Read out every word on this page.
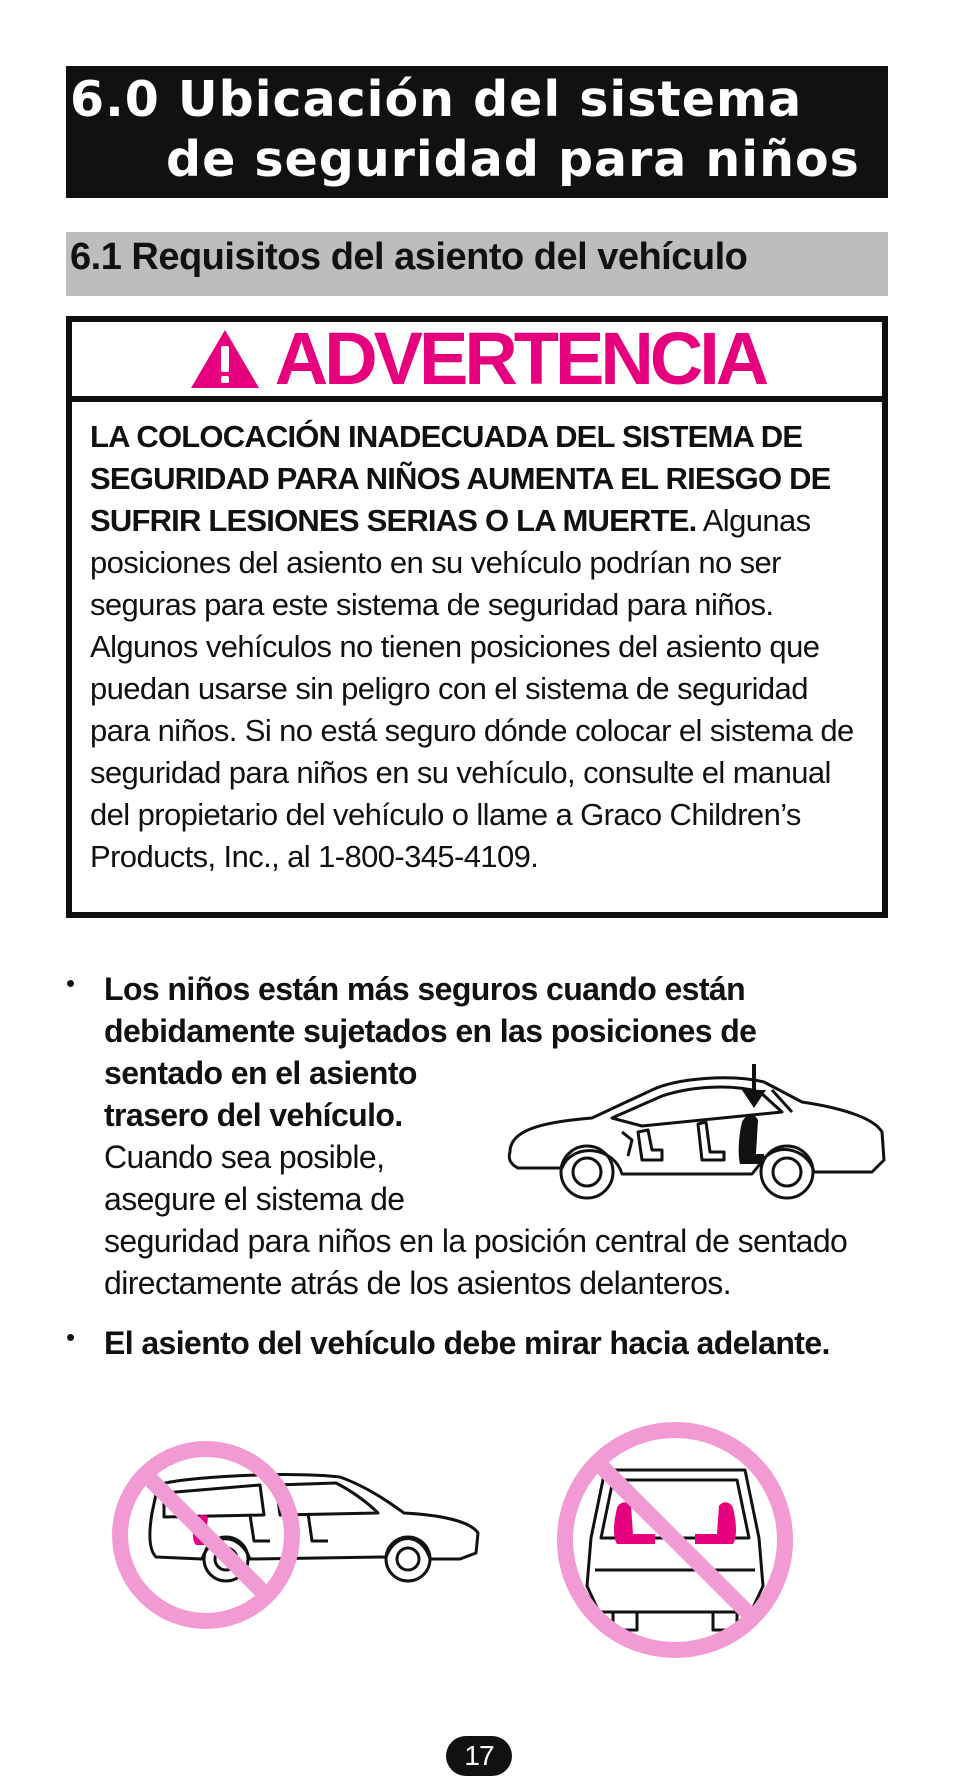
6.0 Ubicación del sistema
de seguridad para niños
6.1 Requisitos del asiento del vehículo
ADVERTENCIA
LA COLOCACIÓN INADECUADA DEL SISTEMA DE SEGURIDAD PARA NIÑOS AUMENTA EL RIESGO DE SUFRIR LESIONES SERIAS O LA MUERTE. Algunas posiciones del asiento en su vehículo podrían no ser seguras para este sistema de seguridad para niños. Algunos vehículos no tienen posiciones del asiento que puedan usarse sin peligro con el sistema de seguridad para niños. Si no está seguro dónde colocar el sistema de seguridad para niños en su vehículo, consulte el manual del propietario del vehículo o llame a Graco Children’s Products, Inc., al 1-800-345-4109.
• Los niños están más seguros cuando están debidamente sujetados en las posiciones de
sentado en el asiento trasero del vehículo. Cuando sea posible, asegure el sistema de
seguridad para niños en la posición central de sentado directamente atrás de los asientos delanteros.
• El asiento del vehículo debe mirar hacia adelante.
17
